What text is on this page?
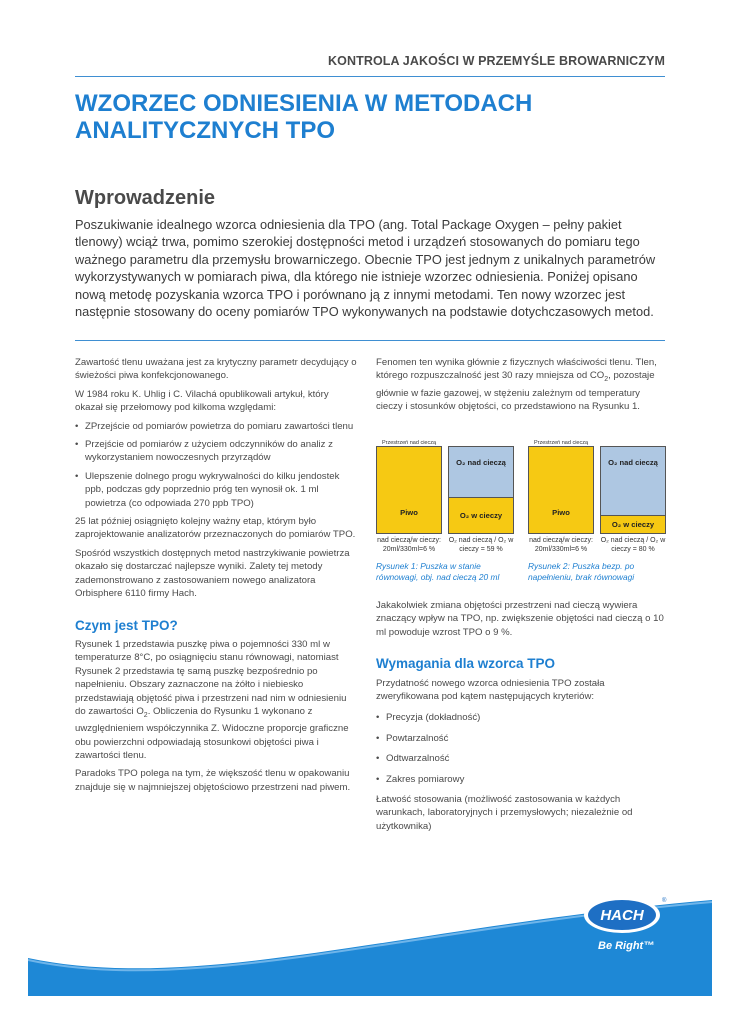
KONTROLA JAKOŚCI W PRZEMYŚLE BROWARNICZYM
WZORZEC ODNIESIENIA W METODACH
ANALITYCZNYCH TPO
Wprowadzenie

Poszukiwanie idealnego wzorca odniesienia dla TPO (ang. Total Package Oxygen – pełny pakiet tlenowy) wciąż trwa, pomimo szerokiej dostępności metod i urządzeń stosowanych do pomiaru tego ważnego parametru dla przemysłu browarniczego. Obecnie TPO jest jednym z unikalnych parametrów wykorzystywanych w pomiarach piwa, dla którego nie istnieje wzorzec odniesienia. Poniżej opisano nową metodę pozyskania wzorca TPO i porównano ją z innymi metodami. Ten nowy wzorzec jest następnie stosowany do oceny pomiarów TPO wykonywanych na podstawie dotychczasowych metod.

Zawartość tlenu uważana jest za krytyczny parametr decydujący o świeżości piwa konfekcjonowanego.

W 1984 roku K. Uhlig i C. Vilachá opublikowali artykuł, który okazał się przełomowy pod kilkoma względami:

• ZPrzejście od pomiarów powietrza do pomiaru zawartości tlenu
• Przejście od pomiarów z użyciem odczynników do analiz z wykorzystaniem nowoczesnych przyrządów
• Ulepszenie dolnego progu wykrywalności do kilku jendostek ppb, podczas gdy poprzednio próg ten wynosił ok. 1 ml powietrza (co odpowiada 270 ppb TPO)

25 lat później osiągnięto kolejny ważny etap, którym było zaprojektowanie analizatorów przeznaczonych do pomiarów TPO.

Spośród wszystkich dostępnych metod nastrzykiwanie powietrza okazało się dostarczać najlepsze wyniki. Zalety tej metody zademonstrowano z zastosowaniem nowego analizatora Orbisphere 6110 firmy Hach.

Czym jest TPO?

Rysunek 1 przedstawia puszkę piwa o pojemności 330 ml w temperaturze 8°C, po osiągnięciu stanu równowagi, natomiast Rysunek 2 przedstawia tę samą puszkę bezpośrednio po napełnieniu. Obszary zaznaczone na żółto i niebiesko przedstawiają objętość piwa i przestrzeni nad nim w odniesieniu do zawartości $O_2$. Obliczenia do Rysunku 1 wykonano z uwzględnieniem współczynnika Z. Widoczne proporcje graficzne obu powierzchni odpowiadają stosunkowi objętości piwa i zawartości tlenu.

Paradoks TPO polega na tym, że większość tlenu w opakowaniu znajduje się w najmniejszej objętościowo przestrzeni nad piwem.

Fenomen ten wynika głównie z fizycznych właściwości tlenu. Tlen, którego rozpuszczalność jest 30 razy mniejsza od $CO_2$, pozostaje głównie w fazie gazowej, w stężeniu zależnym od temperatury cieczy i stosunków objętości, co przedstawiono na Rysunku 1.

Przestrzeń nad cieczą
Piwo
O₂ nad cieczą
O₂ w cieczy
nad cieczą/w cieczy: 20ml/330ml=6 %
O₂ nad cieczą / O₂ w cieczy = 59 %
Rysunek 1: Puszka w stanie równowagi, obj. nad cieczą 20 ml
Przestrzeń nad cieczą
Piwo
O₂ nad cieczą
O₂ w cieczy
nad cieczą/w cieczy: 20ml/330ml=6 %
O₂ nad cieczą / O₂ w cieczy = 80 %
Rysunek 2: Puszka bezp. po napełnieniu, brak równowagi

Jakakolwiek zmiana objętości przestrzeni nad cieczą wywiera znaczący wpływ na TPO, np. zwiększenie objętości nad cieczą o 10 ml powoduje wzrost TPO o 9 %.

Wymagania dla wzorca TPO

Przydatność nowego wzorca odniesienia TPO została zweryfikowana pod kątem następujących kryteriów:

• Precyzja (dokładność)
• Powtarzalność
• Odtwarzalność
• Zakres pomiarowy

Łatwość stosowania (możliwość zastosowania w każdych warunkach, laboratoryjnych i przemysłowych; niezależnie od użytkownika)

HACH
®
Be Right™
